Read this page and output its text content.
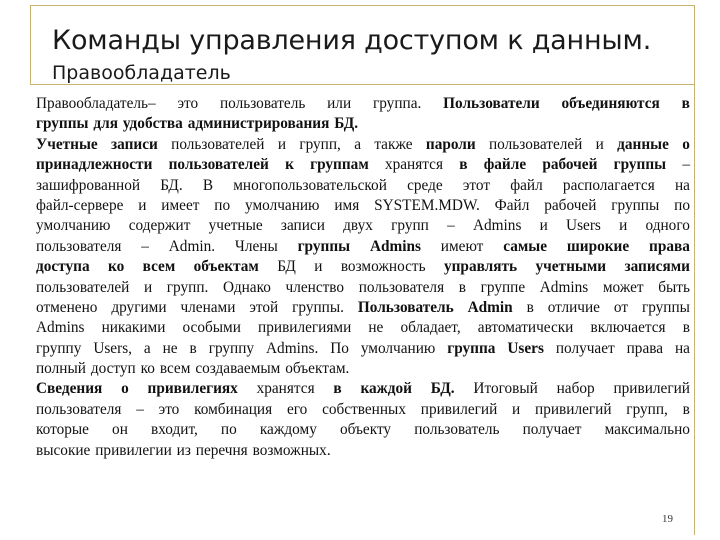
Команды управления доступом к данным.
Правообладатель
Правообладатель– это пользователь или группа. Пользователи объединяются в
группы для удобства администрирования БД.
Учетные записи пользователей и групп, а также пароли пользователей и данные о
принадлежности пользователей к группам хранятся в файле рабочей группы –
зашифрованной БД. В многопользовательской среде этот файл располагается на
файл-сервере и имеет по умолчанию имя SYSTEM.MDW. Файл рабочей группы по
умолчанию содержит учетные записи двух групп – Admins и Users и одного
пользователя – Admin. Члены группы Admins имеют самые широкие права
доступа ко всем объектам БД и возможность управлять учетными записями
пользователей и групп. Однако членство пользователя в группе Admins может быть
отменено другими членами этой группы. Пользователь Admin в отличие от группы
Admins никакими особыми привилегиями не обладает, автоматически включается в
группу Users, а не в группу Admins. По умолчанию группа Users получает права на
полный доступ ко всем создаваемым объектам.
Сведения о привилегиях хранятся в каждой БД. Итоговый набор привилегий
пользователя – это комбинация его собственных привилегий и привилегий групп, в
которые он входит, по каждому объекту пользователь получает максимально
высокие привилегии из перечня возможных.
19
